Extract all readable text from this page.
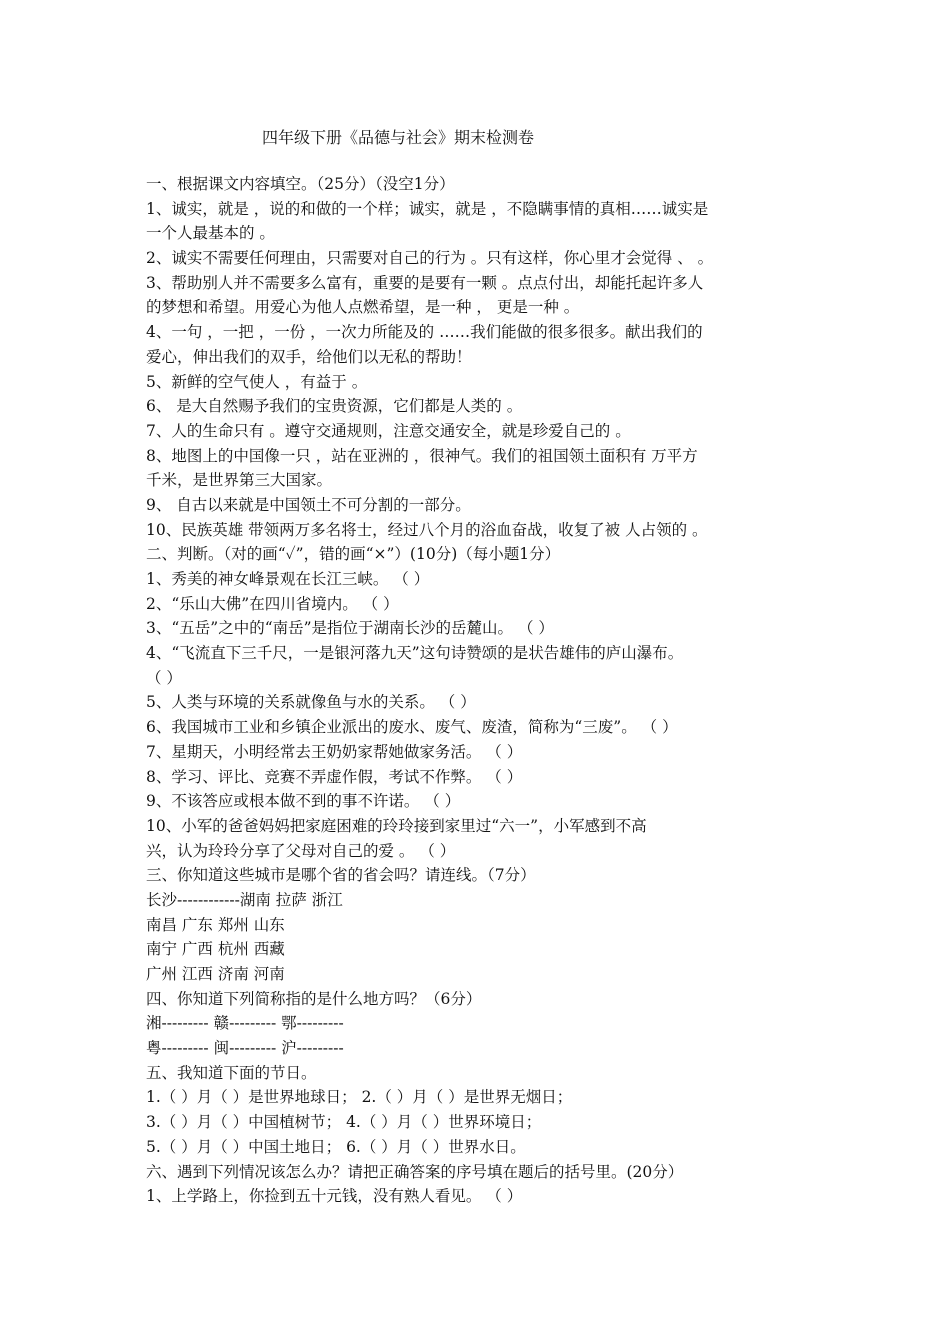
四年级下册《品德与社会》期末检测卷
一、根据课文内容填空。（25分）（没空1分）
1、诚实，就是 ，说的和做的一个样；诚实，就是 ，不隐瞒事情的真相……诚实是
一个人最基本的 。
2、诚实不需要任何理由，只需要对自己的行为 。只有这样，你心里才会觉得 、 。
3、帮助别人并不需要多么富有，重要的是要有一颗 。点点付出，却能托起许多人
的梦想和希望。用爱心为他人点燃希望，是一种 ， 更是一种 。
4、一句 ，一把 ，一份 ，一次力所能及的 ……我们能做的很多很多。献出我们的
爱心，伸出我们的双手，给他们以无私的帮助！
5、新鲜的空气使人 ，有益于 。
6、 是大自然赐予我们的宝贵资源，它们都是人类的 。
7、人的生命只有 。遵守交通规则，注意交通安全，就是珍爱自己的 。
8、地图上的中国像一只 ，站在亚洲的 ，很神气。我们的祖国领土面积有 万平方
千米，是世界第三大国家。
9、 自古以来就是中国领土不可分割的一部分。
10、民族英雄 带领两万多名将士，经过八个月的浴血奋战，收复了被 人占领的 。
二、判断。（对的画“✓”，错的画“×”）(10分)（每小题1分）
1、秀美的神女峰景观在长江三峡。 （ ）
2、“乐山大佛”在四川省境内。 （ ）
3、“五岳”之中的“南岳”是指位于湖南长沙的岳麓山。 （ ）
4、“飞流直下三千尺，一是银河落九天”这句诗赞颂的是状告雄伟的庐山瀑布。
（ ）
5、人类与环境的关系就像鱼与水的关系。 （ ）
6、我国城市工业和乡镇企业派出的废水、废气、废渣，简称为“三废”。 （ ）
7、星期天，小明经常去王奶奶家帮她做家务活。 （ ）
8、学习、评比、竞赛不弄虚作假，考试不作弊。 （ ）
9、不该答应或根本做不到的事不许诺。 （ ）
10、小军的爸爸妈妈把家庭困难的玲玲接到家里过“六一”，小军感到不高
兴，认为玲玲分享了父母对自己的爱 。 （ ）
三、你知道这些城市是哪个省的省会吗？请连线。（7分）
长沙------------湖南 拉萨 浙江
南昌 广东 郑州 山东
南宁 广西 杭州 西藏
广州 江西 济南 河南
四、你知道下列简称指的是什么地方吗？（6分）
湘--------- 赣--------- 鄂---------
粤--------- 闽--------- 沪---------
五、我知道下面的节日。
1.（ ）月（ ）是世界地球日； 2.（ ）月（ ）是世界无烟日；
3.（ ）月（ ）中国植树节； 4.（ ）月（ ）世界环境日；
5.（ ）月（ ）中国土地日； 6.（ ）月（ ）世界水日。
六、遇到下列情况该怎么办？请把正确答案的序号填在题后的括号里。(20分）
1、上学路上，你捡到五十元钱，没有熟人看见。 （ ）
